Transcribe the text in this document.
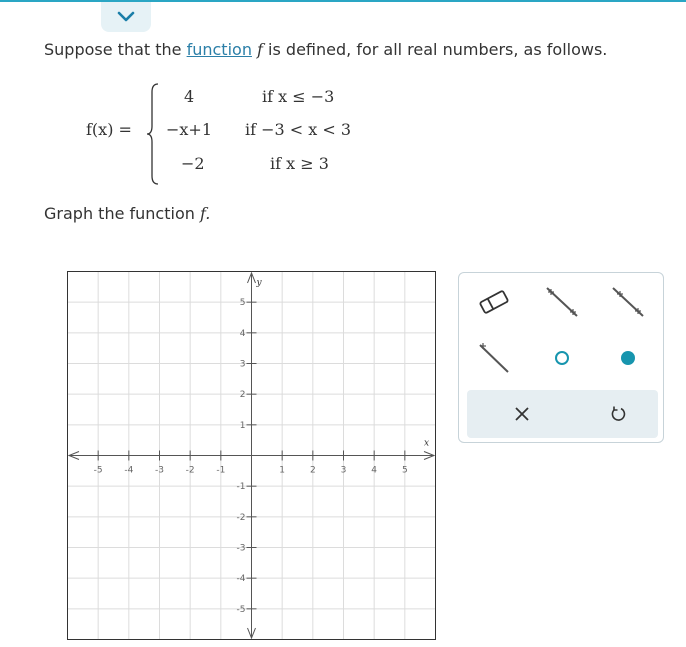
Suppose that the function f is defined, for all real numbers, as follows.
f(x) =
4	if x ≤ −3
−x+1 if −3 < x < 3
−2	if x ≥ 3
Graph the function f.
x
y
-5 -4 -3 -2 -1	1	2	3	4	5
5
4
3
2
1
-1
-2
-3
-4
-5
